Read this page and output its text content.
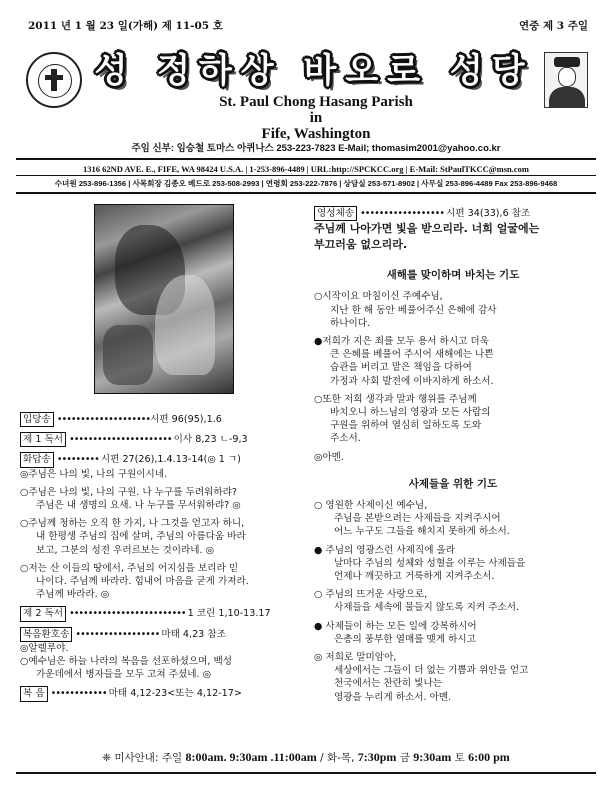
2011 년 1 월 23 일(가해) 제 11-05 호	연중 제 3 주일
성 정하상 바오로 성당
St. Paul Chong Hasang Parish
in
Fife, Washington
주임 신부: 임승철 토마스 아퀴나스 253-223-7823 E-Mail; thomasim2001@yahoo.co.kr
1316 62ND AVE. E., FIFE, WA 98424 U.S.A. | 1-253-896-4489 | URL:http://SPCKCC.org | E-Mail: StPaulTKCC@msn.com
수녀원 253-896-1356 | 사목회장 김종오 베드로 253-508-2993 | 연령회 253-222-7876 | 상담실 253-571-8902 | 사무실 253-896-4489 Fax 253-896-9468
입당송 ••••••••••••••••••••시편 96(95),1.6
제 1 독서 •••••••••••••••••••••• 이사 8,23 ㄴ-9,3
화답송 ••••••••• 시편 27(26),1.4.13-14(◎ 1 ㄱ)
◎주님은 나의 빛, 나의 구원이시네.
○주님은 나의 빛, 나의 구원. 나 누구를 두려워하랴?
주님은 내 생명의 요새. 나 누구를 무서워하랴? ◎
○주님께 청하는 오직 한 가지, 나 그것을 얻고자 하니,
내 한평생 주님의 집에 살며, 주님의 아름다움 바라
보고, 그분의 성전 우러르보는 것이라네. ◎
○저는 산 이들의 땅에서, 주님의 어지심을 보리라 믿
나이다. 주님께 바라라. 힘내어 마음을 굳게 가져라.
주님께 바라라. ◎
제 2 독서 ••••••••••••••••••••••••• 1 코린 1,10-13.17
복음환호송 •••••••••••••••••• 마태 4,23 참조
◎알렐루야.
○예수님은 하늘 나라의 복음을 선포하셨으며, 백성
가운데에서 병자들을 모두 고쳐 주셨네. ◎
복 음 •••••••••••• 마태 4,12-23<또는 4,12-17>
영성체송 •••••••••••••••••• 시편 34(33),6 참조
주님께 나아가면 빛을 받으리라. 너희 얼굴에는
부끄러움 없으리라.
새해를 맞이하며 바치는 기도
○시작이요 마침이신 주예수님,
지난 한 해 동안 베풀어주신 은혜에 감사
하나이다.
●저희가 지은 죄를 모두 용서 하시고 더욱
큰 은혜를 베풀어 주시어 새해에는 나쁜
습관을 버리고 맡은 책임을 다하여
가정과 사회 발전에 이바지하게 하소서.
○또한 저희 생각과 말과 행위를 주님께
바치오니 하느님의 영광과 모든 사람의
구원을 위하여 열심히 일하도록 도와
주소서.
◎아멘.
사제들을 위한 기도
○ 영원한 사제이신 예수님,
주님을 본받으려는 사제들을 지켜주시어
어느 누구도 그들을 해치지 못하게 하소서.
● 주님의 영광스런 사제직에 올라
날마다 주님의 성체와 성혈을 이루는 사제들을
언제나 깨끗하고 거룩하게 지켜주소서.
○ 주님의 뜨거운 사랑으로,
사제들을 세속에 물들지 않도록 지켜 주소서.
● 사제들이 하는 모든 일에 강복하시어
은총의 풍부한 열매를 맺게 하시고
◎ 저희로 말미암아,
세상에서는 그들이 더 없는 기쁨과 위안을 얻고
천국에서는 찬란히 빛나는
영광을 누리게 하소서. 아멘.
❈ 미사안내: 주일 8:00am. 9:30am .11:00am / 화-목, 7:30pm 금 9:30am 토 6:00 pm
